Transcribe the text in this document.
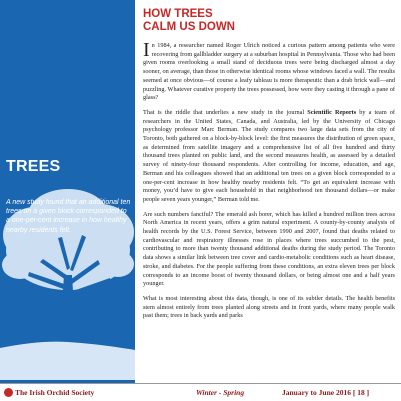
TREES
A new study found that an additional ten trees on a given block corresponded to a one-per-cent increase in how healthy nearby residents felt.
HOW TREES
CALM US DOWN

In 1984, a researcher named Roger Ulrich noticed a curious pattern among patients who were recovering from gallbladder surgery at a suburban hospital in Pennsylvania. Those who had been given rooms overlooking a small stand of deciduous trees were being discharged almost a day sooner, on average, than those in otherwise identical rooms whose windows faced a wall. The results seemed at once obvious—of course a leafy tableau is more therapeutic than a drab brick wall—and puzzling. Whatever curative property the trees possessed, how were they casting it through a pane of glass?

That is the riddle that underlies a new study in the journal Scientific Reports by a team of researchers in the United States, Canada, and Australia, led by the University of Chicago psychology professor Marc Berman. The study compares two large data sets from the city of Toronto, both gathered on a block-by-block level: the first measures the distribution of green space, as determined from satellite imagery and a comprehensive list of all five hundred and thirty thousand trees planted on public land, and the second measures health, as assessed by a detailed survey of ninety-four thousand respondents. After controlling for income, education, and age, Berman and his colleagues showed that an additional ten trees on a given block corresponded to a one-per-cent increase in how healthy nearby residents felt. “To get an equivalent increase with money, you’d have to give each household in that neighborhood ten thousand dollars—or make people seven years younger,” Berman told me.

Are such numbers fanciful? The emerald ash borer, which has killed a hundred million trees across North America in recent years, offers a grim natural experiment. A county-by-county analysis of health records by the U.S. Forest Service, between 1990 and 2007, found that deaths related to cardiovascular and respiratory illnesses rose in places where trees succumbed to the pest, contributing to more than twenty thousand additional deaths during the study period. The Toronto data shows a similar link between tree cover and cardio-metabolic conditions such as heart disease, stroke, and diabetes. For the people suffering from these conditions, an extra eleven trees per block corresponds to an income boost of twenty thousand dollars, or being almost one and a half years younger.

What is most interesting about this data, though, is one of its subtler details. The health benefits stem almost entirely from trees planted along streets and in front yards, where many people walk past them; trees in back yards and parks

The Irish Orchid Society	Winter - Spring	January to June 2016 [ 18 ]
